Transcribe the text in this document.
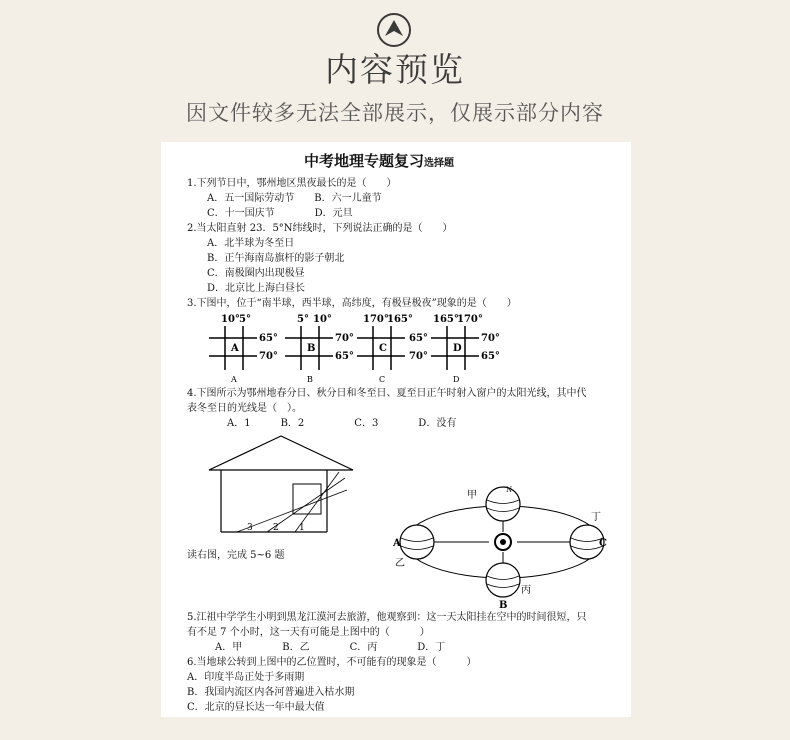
内容预览
因文件较多无法全部展示，仅展示部分内容
中考地理专题复习选择题
1.下列节日中，鄂州地区黑夜最长的是（　　）
A．五一国际劳动节　　B．六一儿童节
C．十一国庆节　　　　D．元旦
2.当太阳直射 23．5°N纬线时，下列说法正确的是（　　）
A．北半球为冬至日
B．正午海南岛旗杆的影子朝北
C．南极圈内出现极昼
D．北京比上海白昼长
3.下图中，位于“南半球，西半球，高纬度，有极昼极夜”现象的是（　　）
10° 5°
A
65°
70°
A
5° 10°
B
70°
65°
B
170°
165°
C
65°
70°
C
165°
170°
D
70°
65°
D
4.下图所示为鄂州地春分日、秋分日和冬至日、夏至日正午时射入窗户的太阳光线，其中代
表冬至日的光线是（　）。
A．1　　　B．2　　　　　C．3　　　　D．没有
3 2 1
读右图，完成 5~6 题
甲
乙
丙
丁
A
B
C
N
5.江祖中学学生小明到黑龙江漠河去旅游，他观察到：这一天太阳挂在空中的时间很短，只
有不足 7 个小时，这一天有可能是上图中的（　　　）
A．甲　　　　B．乙　　　　C．丙　　　　D．丁
6.当地球公转到上图中的乙位置时，不可能有的现象是（　　　）
A．印度半岛正处于多雨期
B．我国内流区内各河普遍进入枯水期
C．北京的昼长达一年中最大值
